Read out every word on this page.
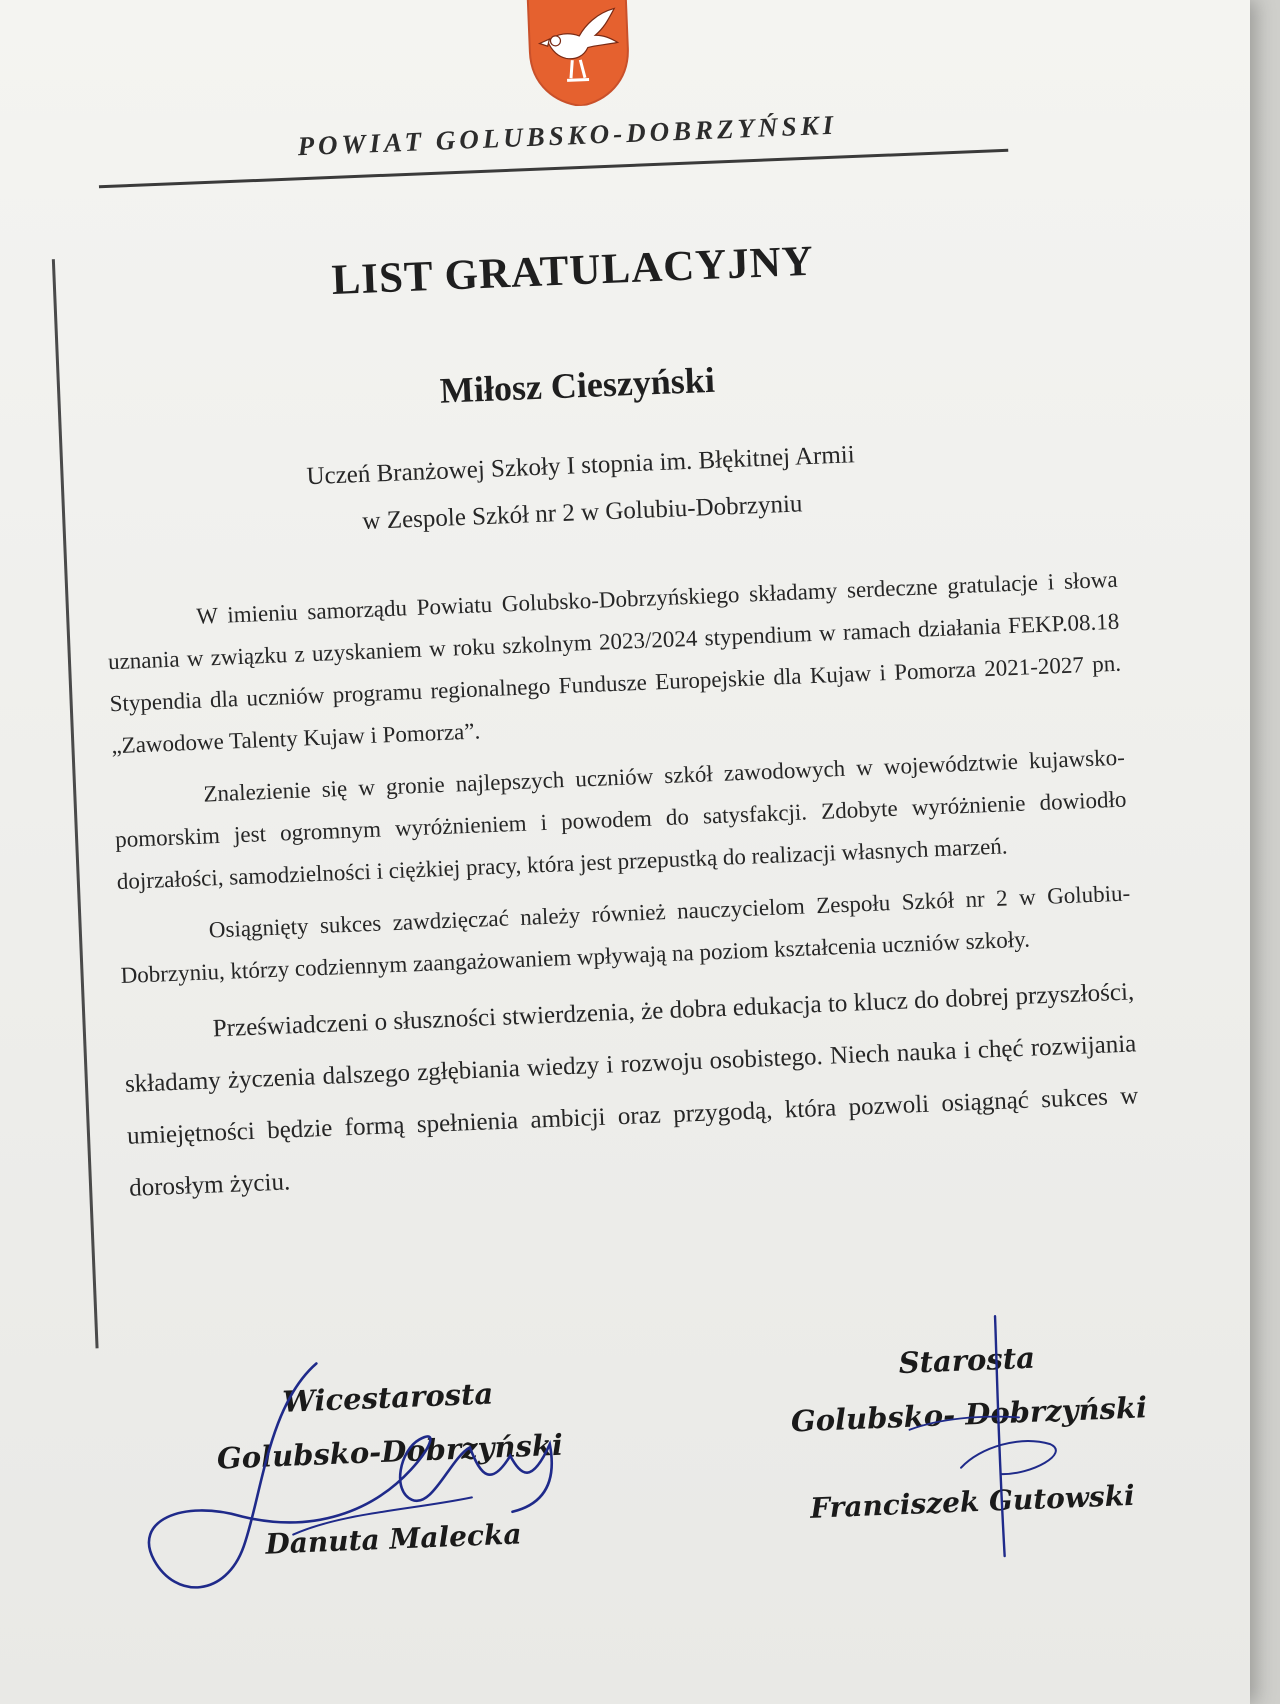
POWIAT GOLUBSKO-DOBRZYŃSKI
LIST GRATULACYJNY
Miłosz Cieszyński
Uczeń Branżowej Szkoły I stopnia im. Błękitnej Armii
w Zespole Szkół nr 2 w Golubiu-Dobrzyniu

W imieniu samorządu Powiatu Golubsko-Dobrzyńskiego składamy serdeczne gratulacje i słowa uznania w związku z uzyskaniem w roku szkolnym 2023/2024 stypendium w ramach działania FEKP.08.18 Stypendia dla uczniów programu regionalnego Fundusze Europejskie dla Kujaw i Pomorza 2021-2027 pn. „Zawodowe Talenty Kujaw i Pomorza”.

Znalezienie się w gronie najlepszych uczniów szkół zawodowych w województwie kujawsko-pomorskim jest ogromnym wyróżnieniem i powodem do satysfakcji. Zdobyte wyróżnienie dowiodło dojrzałości, samodzielności i ciężkiej pracy, która jest przepustką do realizacji własnych marzeń.

Osiągnięty sukces zawdzięczać należy również nauczycielom Zespołu Szkół nr 2 w Golubiu-Dobrzyniu, którzy codziennym zaangażowaniem wpływają na poziom kształcenia uczniów szkoły.

Przeświadczeni o słuszności stwierdzenia, że dobra edukacja to klucz do dobrej przyszłości, składamy życzenia dalszego zgłębiania wiedzy i rozwoju osobistego. Niech nauka i chęć rozwijania umiejętności będzie formą spełnienia ambicji oraz przygodą, która pozwoli osiągnąć sukces w dorosłym życiu.

Wicestarosta
Golubsko-Dobrzyński
Danuta Malecka
Starosta
Golubsko- Dobrzyński
Franciszek Gutowski
